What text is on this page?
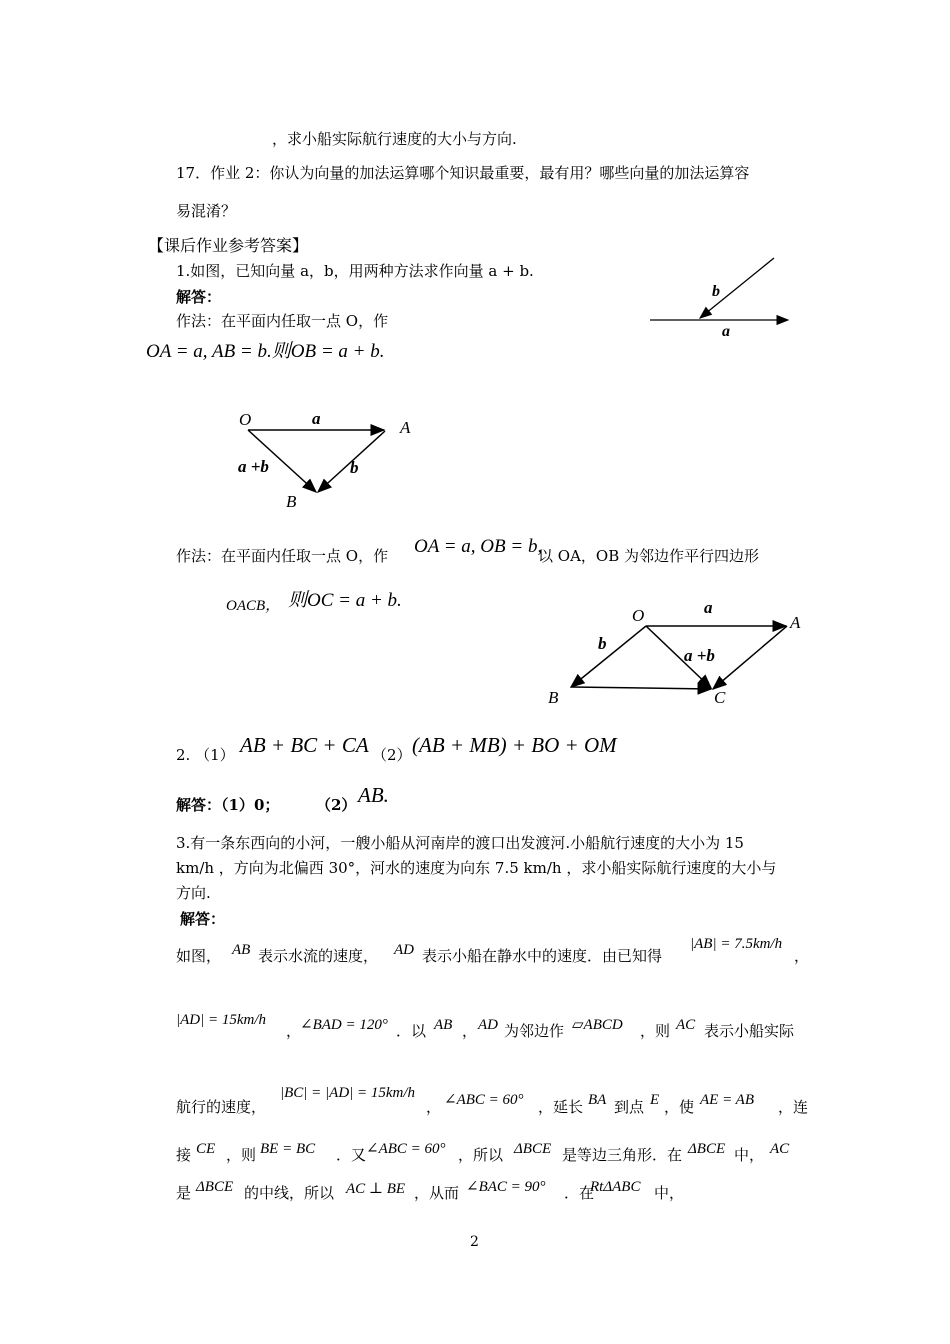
，求小船实际航行速度的大小与方向.
17．作业 2：你认为向量的加法运算哪个知识最重要，最有用？哪些向量的加法运算容
易混淆？
【课后作业参考答案】
1.如图，已知向量 a，b，用两种方法求作向量 a + b.
解答：
作法：在平面内任取一点 O，作
OA = a, AB = b.则OB = a + b.
b
a
O	A
B
a
b
a +b
作法：在平面内任取一点 O，作 OA = a, OB = b,
以 OA，OB 为邻边作平行四边形
OACB， 则OC = a + b.
O	A
B	C
a
b
a +b
2. （1） AB + BC + CA （2） (AB + MB) + BO + OM
解答：（1）0； （2） AB.
3.有一条东西向的小河，一艘小船从河南岸的渡口出发渡河.小船航行速度的大小为 15
km/h ，方向为北偏西 30°，河水的速度为向东 7.5 km/h ，求小船实际航行速度的大小与
方向.
解答：
如图， AB 表示水流的速度， AD 表示小船在静水中的速度．由已知得
|AB| = 7.5km/h
，
|AD| = 15km/h
，
∠BAD = 120° ．以 AB ， AD 为邻边作 ▱ABCD ，则 AC 表示小船实际
航行的速度，
|BC| = |AD| = 15km/h
， ∠ABC = 60° ，延长 BA 到点 E ，使 AE = AB ，连
接 CE ，则 BE = BC ．又 ∠ABC = 60° ，所以 ΔBCE 是等边三角形．在 ΔBCE 中， AC
是 ΔBCE 的中线，所以 AC ⊥ BE ，从而 ∠BAC = 90° ．在
RtΔABC 中，
2
